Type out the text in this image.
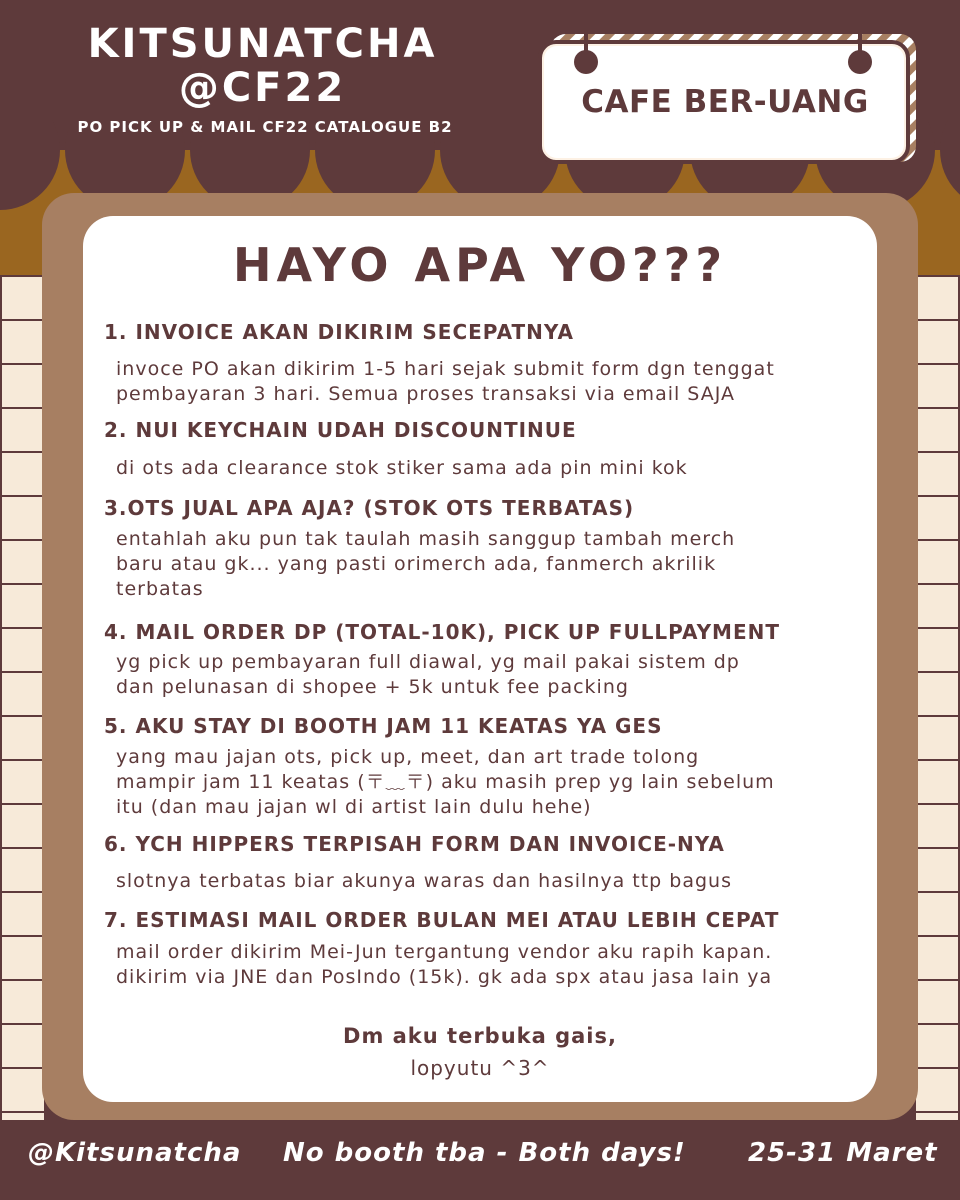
KITSUNATCHA
@CF22
PO PICK UP & MAIL CF22 CATALOGUE B2
CAFE BER-UANG
HAYO APA YO???
1. INVOICE AKAN DIKIRIM SECEPATNYA
invoce PO akan dikirim 1-5 hari sejak submit form dgn tenggat
pembayaran 3 hari. Semua proses transaksi via email SAJA
2. NUI KEYCHAIN UDAH DISCOUNTINUE
di ots ada clearance stok stiker sama ada pin mini kok
3.OTS JUAL APA AJA? (STOK OTS TERBATAS)
entahlah aku pun tak taulah masih sanggup tambah merch
baru atau gk... yang pasti orimerch ada, fanmerch akrilik
terbatas
4. MAIL ORDER DP (TOTAL-10K), PICK UP FULLPAYMENT
yg pick up pembayaran full diawal, yg mail pakai sistem dp
dan pelunasan di shopee + 5k untuk fee packing
5. AKU STAY DI BOOTH JAM 11 KEATAS YA GES
yang mau jajan ots, pick up, meet, dan art trade tolong
mampir jam 11 keatas (〒﹏〒) aku masih prep yg lain sebelum
itu (dan mau jajan wl di artist lain dulu hehe)
6. YCH HIPPERS TERPISAH FORM DAN INVOICE-NYA
slotnya terbatas biar akunya waras dan hasilnya ttp bagus
7. ESTIMASI MAIL ORDER BULAN MEI ATAU LEBIH CEPAT
mail order dikirim Mei-Jun tergantung vendor aku rapih kapan.
dikirim via JNE dan PosIndo (15k). gk ada spx atau jasa lain ya
Dm aku terbuka gais,
lopyutu ^3^
@Kitsunatcha No booth tba - Both days! 25-31 Maret
